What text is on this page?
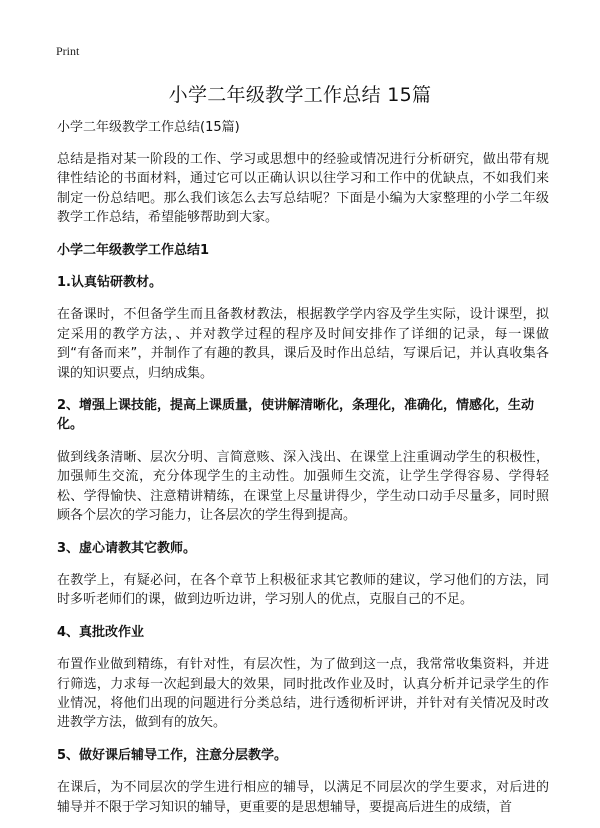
Print
小学二年级教学工作总结 15篇
小学二年级教学工作总结(15篇)
总结是指对某一阶段的工作、学习或思想中的经验或情况进行分析研究，做出带有规律性结论的书面材料，通过它可以正确认识以往学习和工作中的优缺点，不如我们来制定一份总结吧。那么我们该怎么去写总结呢？下面是小编为大家整理的小学二年级教学工作总结，希望能够帮助到大家。
小学二年级教学工作总结1
1.认真钻研教材。
在备课时，不但备学生而且备教材教法，根据教学学内容及学生实际，设计课型，拟定采用的教学方法，、并对教学过程的程序及时间安排作了详细的记录，每一课做到“有备而来”，并制作了有趣的教具，课后及时作出总结，写课后记，并认真收集各课的知识要点，归纳成集。
2、增强上课技能，提高上课质量，使讲解清晰化，条理化，准确化，情感化，生动化。
做到线条清晰、层次分明、言简意赅、深入浅出、在课堂上注重调动学生的积极性，加强师生交流，充分体现学生的主动性。加强师生交流，让学生学得容易、学得轻松、学得愉快、注意精讲精练，在课堂上尽量讲得少，学生动口动手尽量多，同时照顾各个层次的学习能力，让各层次的学生得到提高。
3、虚心请教其它教师。
在教学上，有疑必问，在各个章节上积极征求其它教师的建议，学习他们的方法，同时多听老师们的课，做到边听边讲，学习别人的优点，克服自己的不足。
4、真批改作业
布置作业做到精练，有针对性，有层次性，为了做到这一点，我常常收集资料，并进行筛选，力求每一次起到最大的效果，同时批改作业及时，认真分析并记录学生的作业情况，将他们出现的问题进行分类总结，进行透彻析评讲，并针对有关情况及时改进教学方法，做到有的放矢。
5、做好课后辅导工作，注意分层教学。
在课后，为不同层次的学生进行相应的辅导，以满足不同层次的学生要求，对后进的辅导并不限于学习知识的辅导，更重要的是思想辅导，要提高后进生的成绩，首
